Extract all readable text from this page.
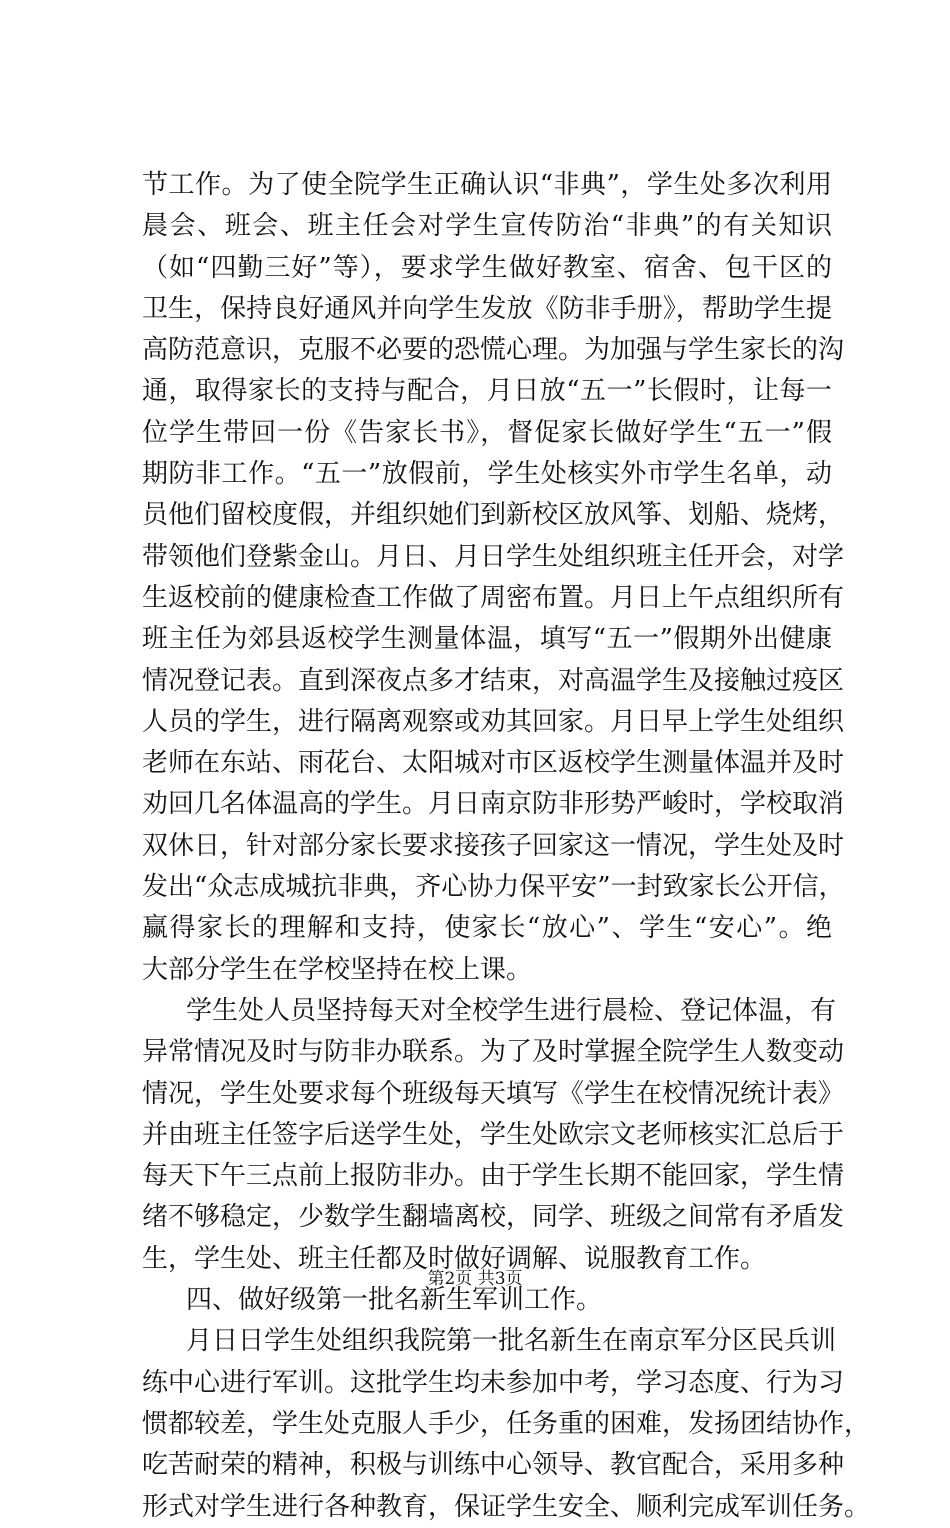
节工作。为了使全院学生正确认识“非典”，学生处多次利用
晨会、班会、班主任会对学生宣传防治“非典”的有关知识
（如“四勤三好”等），要求学生做好教室、宿舍、包干区的
卫生，保持良好通风并向学生发放《防非手册》，帮助学生提
高防范意识，克服不必要的恐慌心理。为加强与学生家长的沟
通，取得家长的支持与配合，月日放“五一”长假时，让每一
位学生带回一份《告家长书》，督促家长做好学生“五一”假
期防非工作。“五一”放假前，学生处核实外市学生名单，动
员他们留校度假，并组织她们到新校区放风筝、划船、烧烤，
带领他们登紫金山。月日、月日学生处组织班主任开会，对学
生返校前的健康检查工作做了周密布置。月日上午点组织所有
班主任为郊县返校学生测量体温，填写“五一”假期外出健康
情况登记表。直到深夜点多才结束，对高温学生及接触过疫区
人员的学生，进行隔离观察或劝其回家。月日早上学生处组织
老师在东站、雨花台、太阳城对市区返校学生测量体温并及时
劝回几名体温高的学生。月日南京防非形势严峻时，学校取消
双休日，针对部分家长要求接孩子回家这一情况，学生处及时
发出“众志成城抗非典，齐心协力保平安”一封致家长公开信，
赢得家长的理解和支持，使家长“放心”、学生“安心”。绝
大部分学生在学校坚持在校上课。
学生处人员坚持每天对全校学生进行晨检、登记体温，有
异常情况及时与防非办联系。为了及时掌握全院学生人数变动
情况，学生处要求每个班级每天填写《学生在校情况统计表》
并由班主任签字后送学生处，学生处欧宗文老师核实汇总后于
每天下午三点前上报防非办。由于学生长期不能回家，学生情
绪不够稳定，少数学生翻墙离校，同学、班级之间常有矛盾发
生，学生处、班主任都及时做好调解、说服教育工作。
四、做好级第一批名新生军训工作。
月日日学生处组织我院第一批名新生在南京军分区民兵训
练中心进行军训。这批学生均未参加中考，学习态度、行为习
惯都较差，学生处克服人手少，任务重的困难，发扬团结协作，
吃苦耐荣的精神，积极与训练中心领导、教官配合，采用多种
形式对学生进行各种教育，保证学生安全、顺利完成军训任务。
第2页 共3页
